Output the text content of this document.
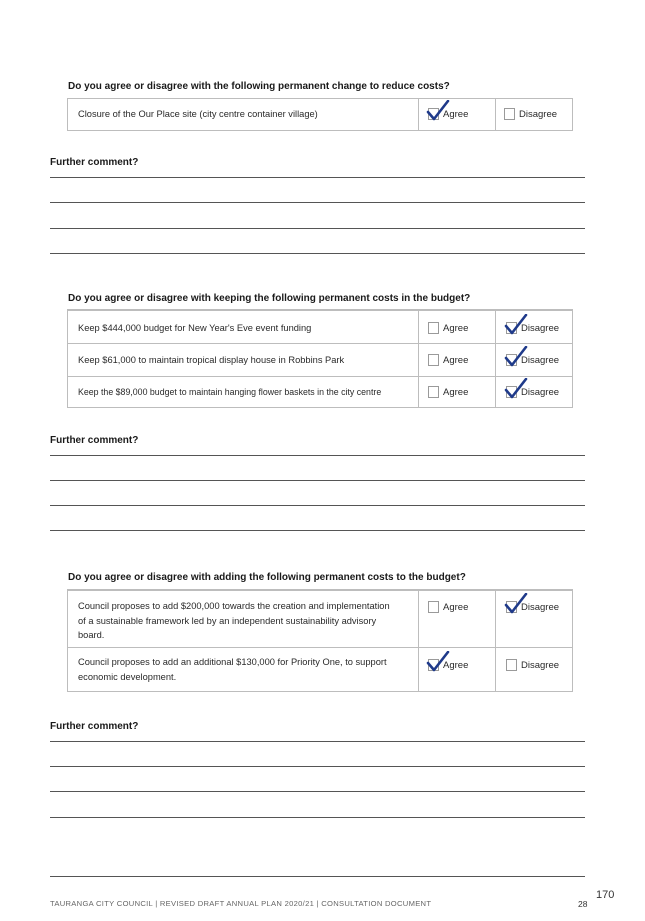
Do you agree or disagree with the following permanent change to reduce costs?
Closure of the Our Place site (city centre container village)	Agree	Disagree
Further comment?
Do you agree or disagree with keeping the following permanent costs in the budget?
Keep $444,000 budget for New Year's Eve event funding	Agree	Disagree
Keep $61,000 to maintain tropical display house in Robbins Park	Agree	Disagree
Keep the $89,000 budget to maintain hanging flower baskets in the city centre	Agree	Disagree
Further comment?
Do you agree or disagree with adding the following permanent costs to the budget?
Council proposes to add $200,000 towards the creation and implementation of a sustainable framework led by an independent sustainability advisory board.
Agree	Disagree
Council proposes to add an additional $130,000 for Priority One, to support economic development.
Agree	Disagree
Further comment?
TAURANGA CITY COUNCIL | REVISED DRAFT ANNUAL PLAN 2020/21 | CONSULTATION DOCUMENT	28
170
